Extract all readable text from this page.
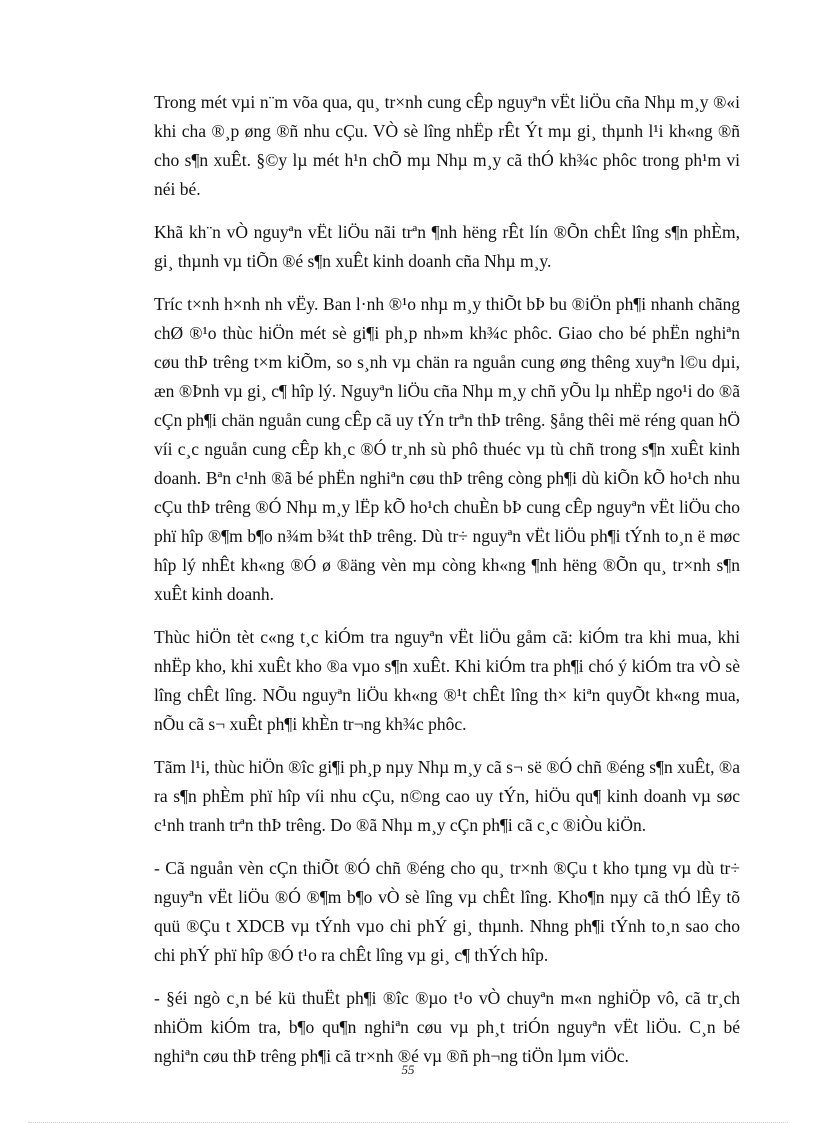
Trong mét vµi n¨m võa qua, qu¸ tr×nh cung cÊp nguyªn vËt liÖu cña Nhµ m¸y ®«i khi cha ®¸p øng ®ñ nhu cÇu. VÒ sè lîng nhËp rÊt Ýt mµ gi¸ thµnh l¹i kh«ng ®ñ cho s¶n xuÊt. §©y lµ mét h¹n chÕ mµ Nhµ m¸y cã thÓ kh¾c phôc trong ph¹m vi néi bé.

Khã kh¨n vÒ nguyªn vËt liÖu nãi trªn ¶nh hëng rÊt lín ®Õn chÊt lîng s¶n phÈm, gi¸ thµnh vµ tiÕn ®é s¶n xuÊt kinh doanh cña Nhµ m¸y.

Tríc t×nh h×nh nh vËy. Ban l·nh ®¹o nhµ m¸y thiÕt bÞ bu ®iÖn ph¶i nhanh chãng chØ ®¹o thùc hiÖn mét sè gi¶i ph¸p nh»m kh¾c phôc. Giao cho bé phËn nghiªn cøu thÞ trêng t×m kiÕm, so s¸nh vµ chän ra nguån cung øng thêng xuyªn l©u dµi, æn ®Þnh vµ gi¸ c¶ hîp lý. Nguyªn liÖu cña Nhµ m¸y chñ yÕu lµ nhËp ngo¹i do ®ã cÇn ph¶i chän nguån cung cÊp cã uy tÝn trªn thÞ trêng. §ång thêi më réng quan hÖ víi c¸c nguån cung cÊp kh¸c ®Ó tr¸nh sù phô thuéc vµ tù chñ trong s¶n xuÊt kinh doanh. Bªn c¹nh ®ã bé phËn nghiªn cøu thÞ trêng còng ph¶i dù kiÕn kÕ ho¹ch nhu cÇu thÞ trêng ®Ó Nhµ m¸y lËp kÕ ho¹ch chuÈn bÞ cung cÊp nguyªn vËt liÖu cho phï hîp ®¶m b¶o n¾m b¾t thÞ trêng. Dù tr÷ nguyªn vËt liÖu ph¶i tÝnh to¸n ë møc hîp lý nhÊt kh«ng ®Ó ø ®äng vèn mµ còng kh«ng ¶nh hëng ®Õn qu¸ tr×nh s¶n xuÊt kinh doanh.

Thùc hiÖn tèt c«ng t¸c kiÓm tra nguyªn vËt liÖu gåm cã: kiÓm tra khi mua, khi nhËp kho, khi xuÊt kho ®a vµo s¶n xuÊt. Khi kiÓm tra ph¶i chó ý kiÓm tra vÒ sè lîng chÊt lîng. NÕu nguyªn liÖu kh«ng ®¹t chÊt lîng th× kiªn quyÕt kh«ng mua, nÕu cã s¬ xuÊt ph¶i khÈn tr¬ng kh¾c phôc.

Tãm l¹i, thùc hiÖn ®îc gi¶i ph¸p nµy Nhµ m¸y cã s¬ së ®Ó chñ ®éng s¶n xuÊt, ®a ra s¶n phÈm phï hîp víi nhu cÇu, n©ng cao uy tÝn, hiÖu qu¶ kinh doanh vµ søc c¹nh tranh trªn thÞ trêng. Do ®ã Nhµ m¸y cÇn ph¶i cã c¸c ®iÒu kiÖn.

- Cã nguån vèn cÇn thiÕt ®Ó chñ ®éng cho qu¸ tr×nh ®Çu t kho tµng vµ dù tr÷ nguyªn vËt liÖu ®Ó ®¶m b¶o vÒ sè lîng vµ chÊt lîng. Kho¶n nµy cã thÓ lÊy tõ quü ®Çu t XDCB vµ tÝnh vµo chi phÝ gi¸ thµnh. Nhng ph¶i tÝnh to¸n sao cho chi phÝ phï hîp ®Ó t¹o ra chÊt lîng vµ gi¸ c¶ thÝch hîp.

- §éi ngò c¸n bé kü thuËt ph¶i ®îc ®µo t¹o vÒ chuyªn m«n nghiÖp vô, cã tr¸ch nhiÖm kiÓm tra, b¶o qu¶n nghiªn cøu vµ ph¸t triÓn nguyªn vËt liÖu. C¸n bé nghiªn cøu thÞ trêng ph¶i cã tr×nh ®é vµ ®ñ ph¬ng tiÖn lµm viÖc.

55
